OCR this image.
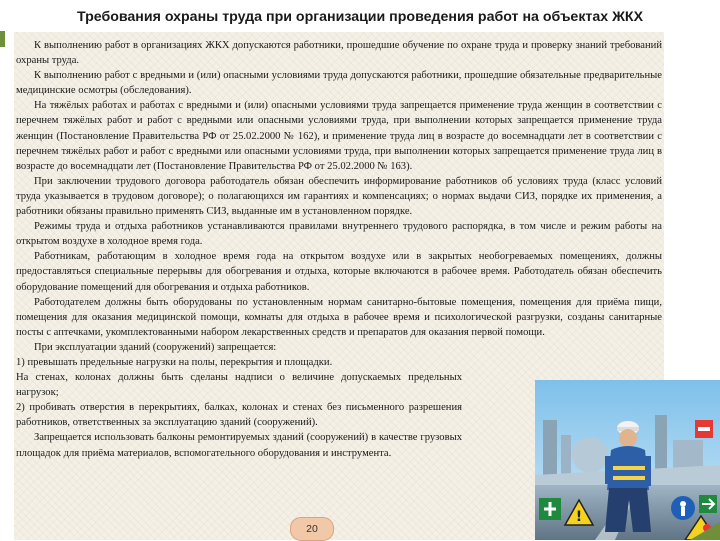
Требования охраны труда при организации проведения работ на объектах ЖКХ

К выполнению работ в организациях ЖКХ допускаются работники, прошедшие обучение по охране труда и проверку знаний требований охраны труда.

К выполнению работ с вредными и (или) опасными условиями труда допускаются работники, прошедшие обязательные предварительные медицинские осмотры (обследования).

На тяжёлых работах и работах с вредными и (или) опасными условиями труда запрещается применение труда женщин в соответствии с перечнем тяжёлых работ и работ с вредными или опасными условиями труда, при выполнении которых запрещается применение труда женщин (Постановление Правительства РФ от 25.02.2000 № 162), и применение труда лиц в возрасте до восемнадцати лет в соответствии с перечнем тяжёлых работ и работ с вредными или опасными условиями труда, при выполнении которых запрещается применение труда лиц в возрасте до восемнадцати лет (Постановление Правительства РФ от 25.02.2000 № 163).

При заключении трудового договора работодатель обязан обеспечить информирование работников об условиях труда (класс условий труда указывается в трудовом договоре); о полагающихся им гарантиях и компенсациях; о нормах выдачи СИЗ, порядке их применения, а работники обязаны правильно применять СИЗ, выданные им в установленном порядке.

Режимы труда и отдыха работников устанавливаются правилами внутреннего трудового распорядка, в том числе и режим работы на открытом воздухе в холодное время года.

Работникам, работающим в холодное время года на открытом воздухе или в закрытых необогреваемых помещениях, должны предоставляться специальные перерывы для обогревания и отдыха, которые включаются в рабочее время. Работодатель обязан обеспечить оборудование помещений для обогревания и отдыха работников.

Работодателем должны быть оборудованы по установленным нормам санитарно-бытовые помещения, помещения для приёма пищи, помещения для оказания медицинской помощи, комнаты для отдыха в рабочее время и психологической разгрузки, созданы санитарные посты с аптечками, укомплектованными набором лекарственных средств и препаратов для оказания первой помощи.

При эксплуатации зданий (сооружений) запрещается:

1) превышать предельные нагрузки на полы, перекрытия и площадки.

На стенах, колонах должны быть сделаны надписи о величине допускаемых предельных нагрузок;

2) пробивать отверстия в перекрытиях, балках, колонах и стенах без письменного разрешения работников, ответственных за эксплуатацию зданий (сооружений).

Запрещается использовать балконы ремонтируемых зданий (сооружений) в качестве грузовых площадок для приёма материалов, вспомогательного оборудования и инструмента.

!
20
